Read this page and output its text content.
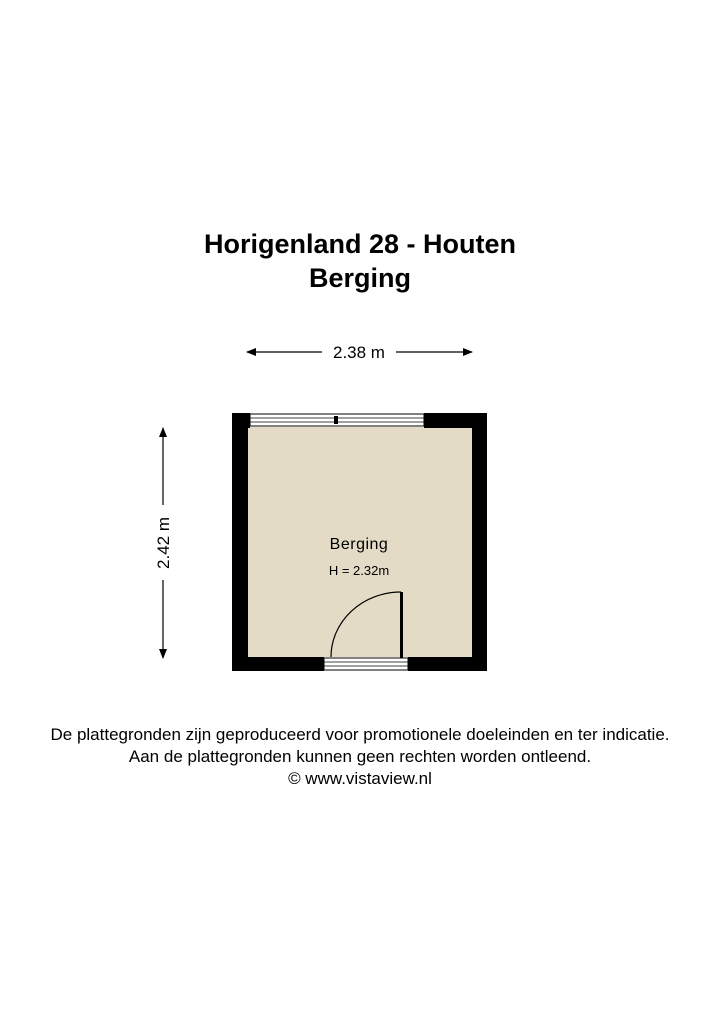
Horigenland 28 - Houten
Berging
2.38 m
2.42 m	Berging
H = 2.32m
De plattegronden zijn geproduceerd voor promotionele doeleinden en ter indicatie.
Aan de plattegronden kunnen geen rechten worden ontleend.
© www.vistaview.nl
